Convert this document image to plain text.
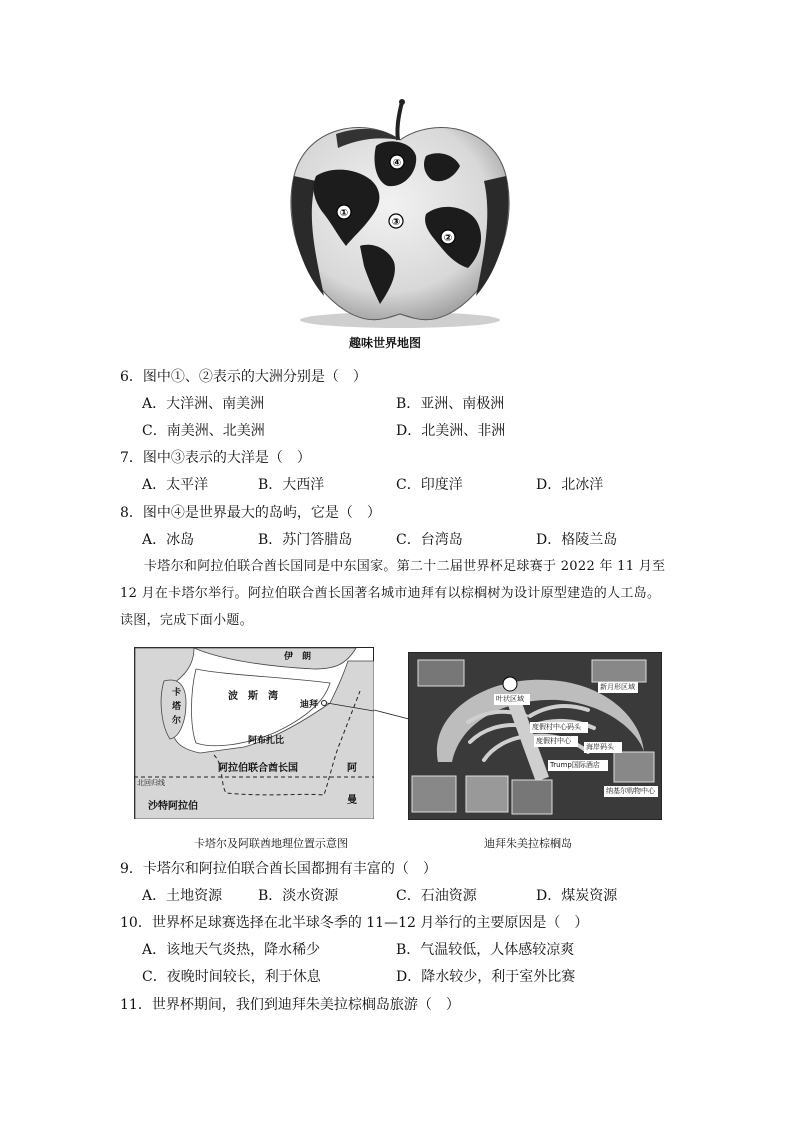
④
①
③
②
趣味世界地图
6．图中①、②表示的大洲分别是（　）
A．大洋洲、南美洲	B．亚洲、南极洲
C．南美洲、北美洲	D．北美洲、非洲
7．图中③表示的大洋是（　）
A．太平洋	B．大西洋	C．印度洋	D．北冰洋
8．图中④是世界最大的岛屿，它是（　）
A．冰岛	B．苏门答腊岛	C．台湾岛	D．格陵兰岛
卡塔尔和阿拉伯联合酋长国同是中东国家。第二十二届世界杯足球赛于 2022 年 11 月至
12 月在卡塔尔举行。阿拉伯联合酋长国著名城市迪拜有以棕榈树为设计原型建造的人工岛。
读图，完成下面小题。
伊　朗
卡
塔
尔
波　斯　湾
迪拜
阿布扎比
阿拉伯联合酋长国
北回归线
沙特阿拉伯
阿
曼
卡塔尔及阿联酋地理位置示意图
叶状区域
新月形区域
度假村中心码头
度假村中心
海岸码头
Trump国际酒店
纳基尔购物中心
迪拜朱美拉棕榈岛
9．卡塔尔和阿拉伯联合酋长国都拥有丰富的（　）
A．土地资源	B．淡水资源	C．石油资源	D．煤炭资源
10．世界杯足球赛选择在北半球冬季的 11—12 月举行的主要原因是（　）
A．该地天气炎热，降水稀少	B．气温较低，人体感较凉爽
C．夜晚时间较长，利于休息	D．降水较少，利于室外比赛
11．世界杯期间，我们到迪拜朱美拉棕榈岛旅游（　）
